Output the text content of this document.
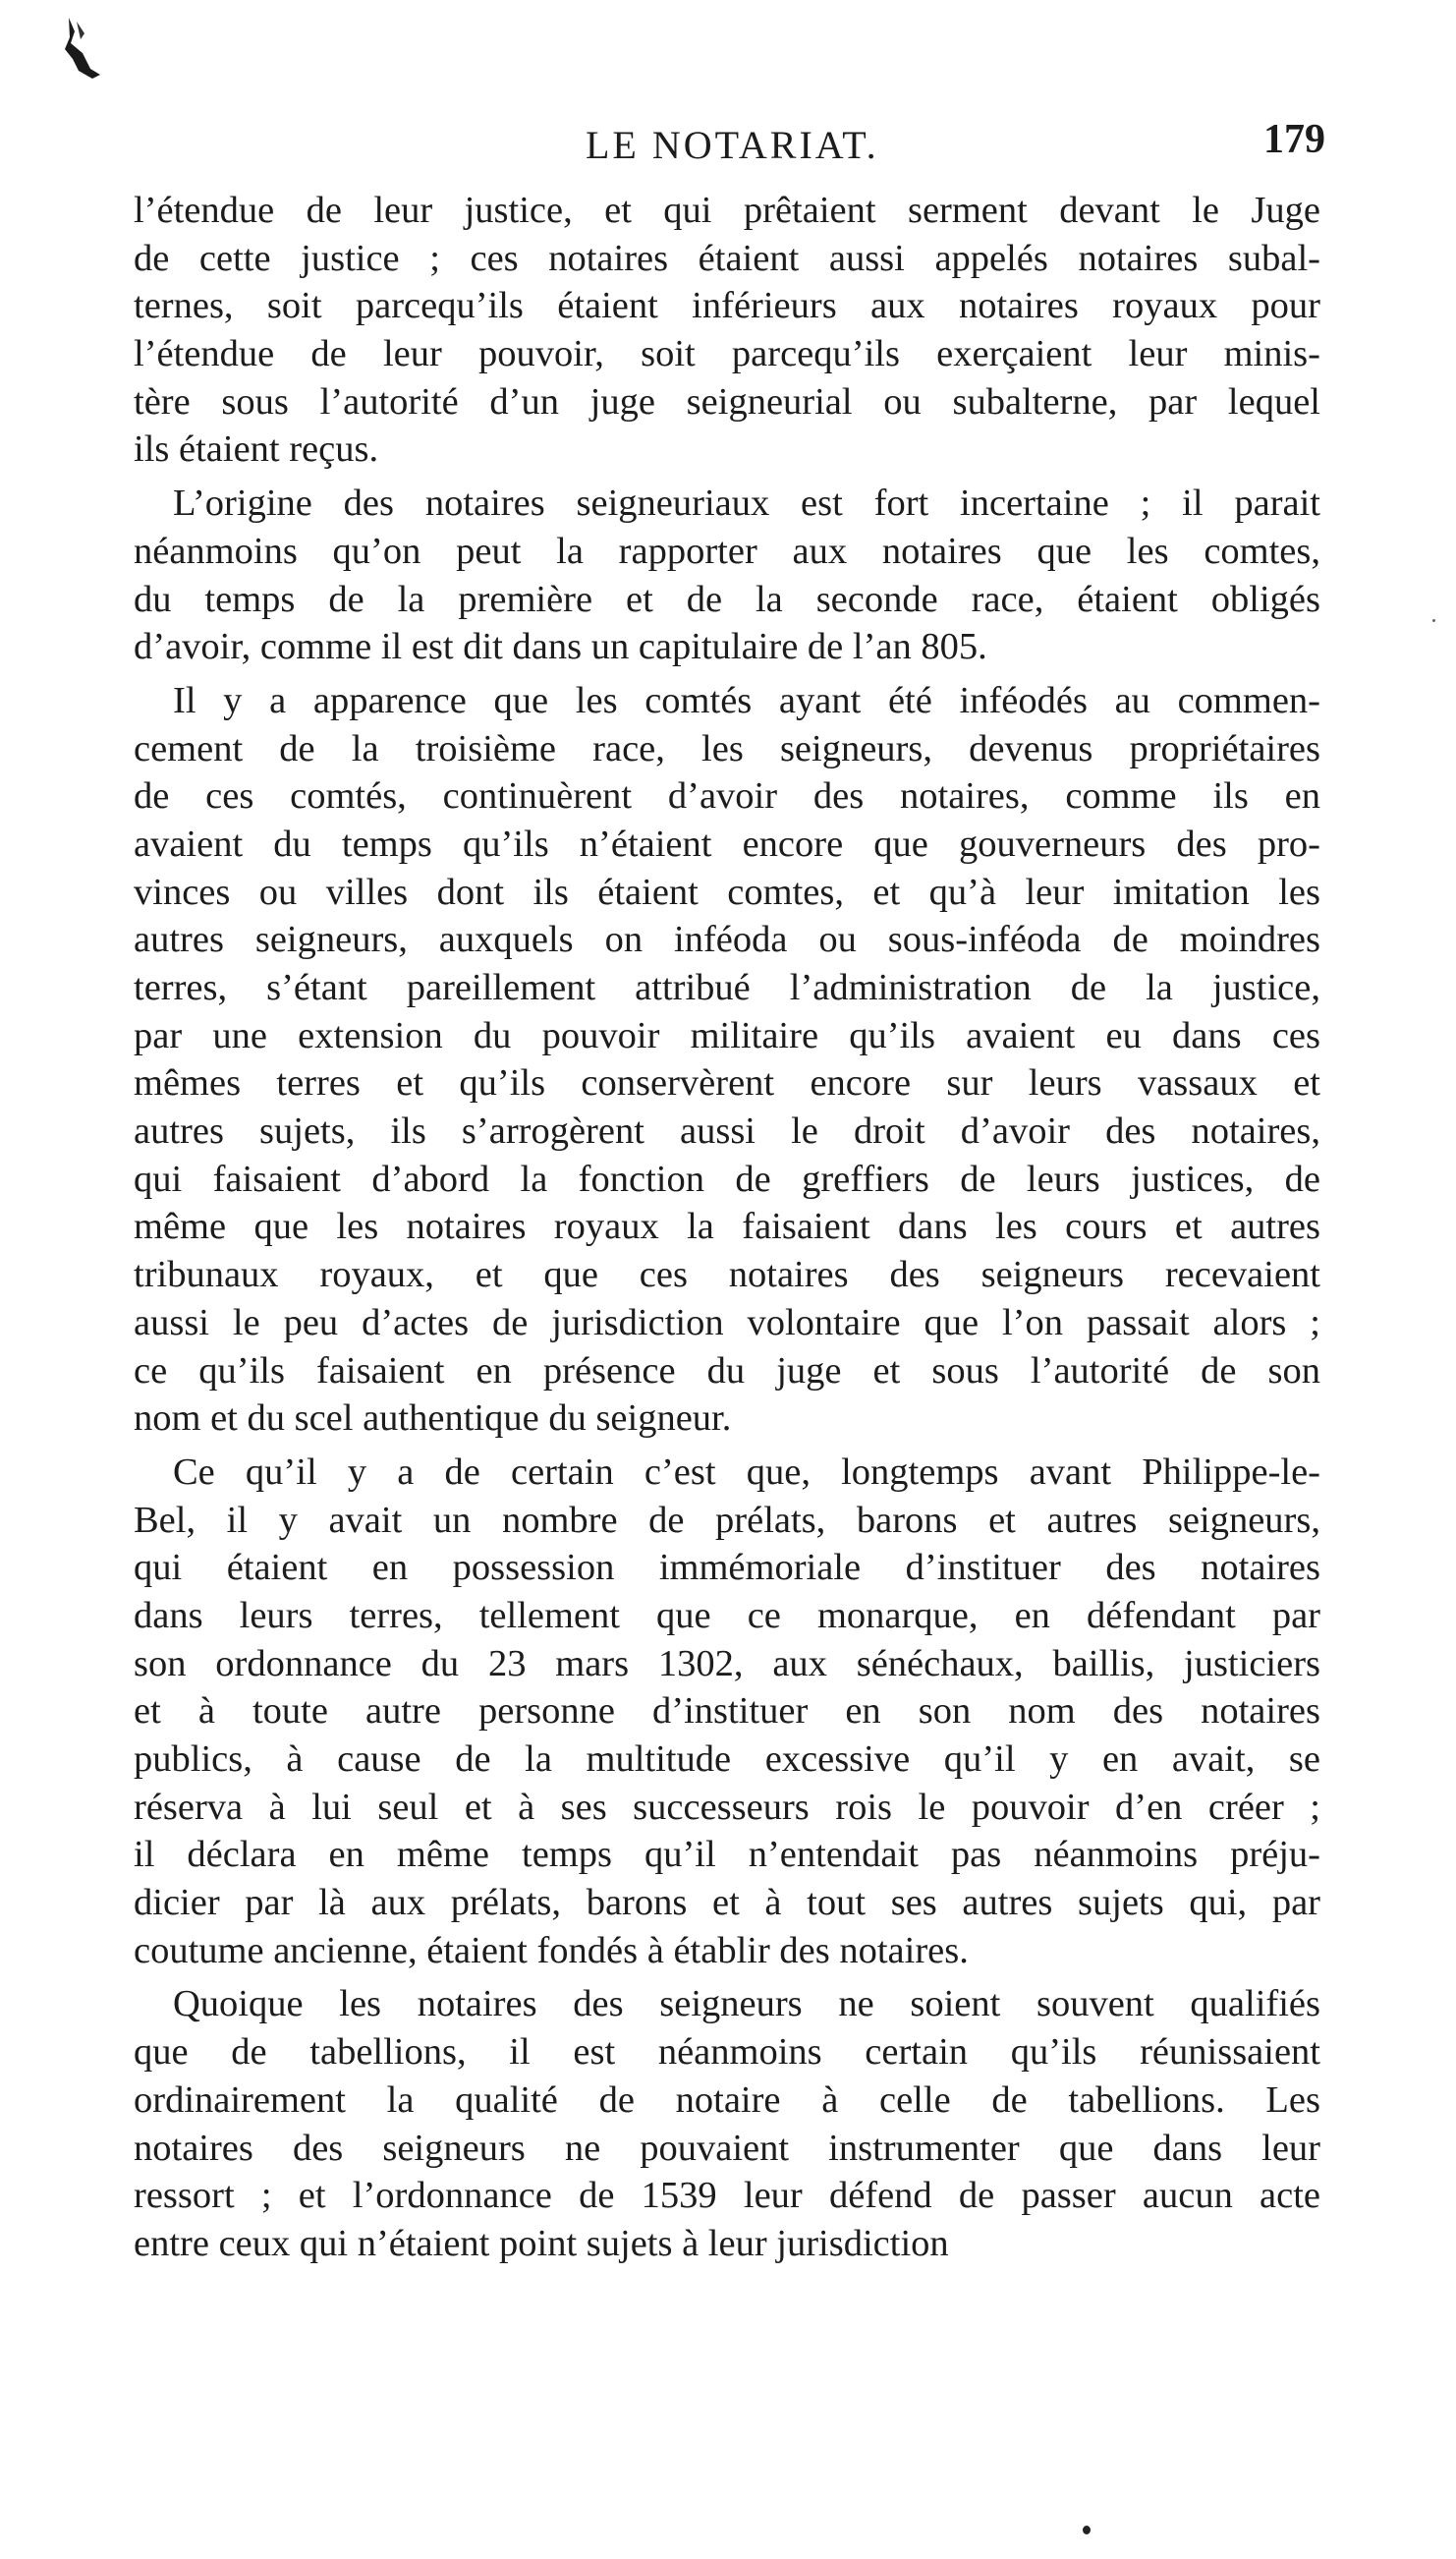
LE NOTARIAT.	179

l’étendue de leur justice, et qui prêtaient serment devant le Juge
de cette justice ; ces notaires étaient aussi appelés notaires subal-
ternes, soit parcequ’ils étaient inférieurs aux notaires royaux pour
l’étendue de leur pouvoir, soit parcequ’ils exerçaient leur minis-
tère sous l’autorité d’un juge seigneurial ou subalterne, par lequel
ils étaient reçus.

L’origine des notaires seigneuriaux est fort incertaine ; il parait
néanmoins qu’on peut la rapporter aux notaires que les comtes,
du temps de la première et de la seconde race, étaient obligés
d’avoir, comme il est dit dans un capitulaire de l’an 805.

Il y a apparence que les comtés ayant été inféodés au commen-
cement de la troisième race, les seigneurs, devenus propriétaires
de ces comtés, continuèrent d’avoir des notaires, comme ils en
avaient du temps qu’ils n’étaient encore que gouverneurs des pro-
vinces ou villes dont ils étaient comtes, et qu’à leur imitation les
autres seigneurs, auxquels on inféoda ou sous-inféoda de moindres
terres, s’étant pareillement attribué l’administration de la justice,
par une extension du pouvoir militaire qu’ils avaient eu dans ces
mêmes terres et qu’ils conservèrent encore sur leurs vassaux et
autres sujets, ils s’arrogèrent aussi le droit d’avoir des notaires,
qui faisaient d’abord la fonction de greffiers de leurs justices, de
même que les notaires royaux la faisaient dans les cours et autres
tribunaux royaux, et que ces notaires des seigneurs recevaient
aussi le peu d’actes de jurisdiction volontaire que l’on passait alors ;
ce qu’ils faisaient en présence du juge et sous l’autorité de son
nom et du scel authentique du seigneur.

Ce qu’il y a de certain c’est que, longtemps avant Philippe-le-
Bel, il y avait un nombre de prélats, barons et autres seigneurs,
qui étaient en possession immémoriale d’instituer des notaires
dans leurs terres, tellement que ce monarque, en défendant par
son ordonnance du 23 mars 1302, aux sénéchaux, baillis, justiciers
et à toute autre personne d’instituer en son nom des notaires
publics, à cause de la multitude excessive qu’il y en avait, se
réserva à lui seul et à ses successeurs rois le pouvoir d’en créer ;
il déclara en même temps qu’il n’entendait pas néanmoins préju-
dicier par là aux prélats, barons et à tout ses autres sujets qui, par
coutume ancienne, étaient fondés à établir des notaires.

Quoique les notaires des seigneurs ne soient souvent qualifiés
que de tabellions, il est néanmoins certain qu’ils réunissaient
ordinairement la qualité de notaire à celle de tabellions. Les
notaires des seigneurs ne pouvaient instrumenter que dans leur
ressort ; et l’ordonnance de 1539 leur défend de passer aucun acte
entre ceux qui n’étaient point sujets à leur jurisdiction
